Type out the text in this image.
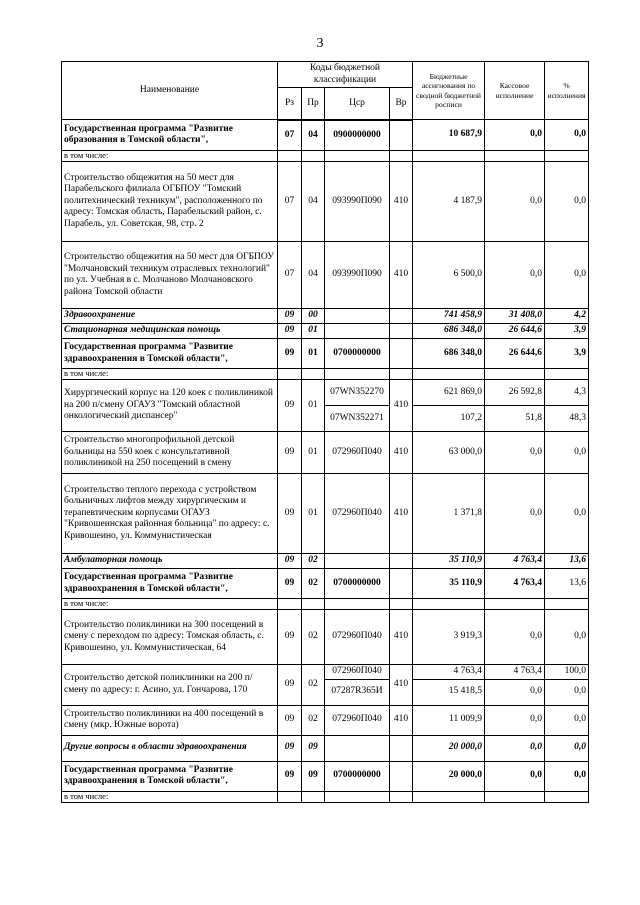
3
Наименование	Коды бюджетной классификации				Бюджетные ассигнования по сводной бюджетной росписи	Кассовое исполнение	% исполнения
	Рз	Пр	Цср	Вр			
Государственная программа "Развитие образования в Томской области",	07	04	0900000000		10 687,9	0,0	0,0
в том числе:							
Строительство общежития на 50 мест для Парабельского филиала ОГБПОУ "Томский политехнический техникум", расположенного по адресу: Томская область, Парабельский район, с. Парабель, ул. Советская, 98, стр. 2	07	04	093990П090	410	4 187,9	0,0	0,0
Строительство общежития на 50 мест для ОГБПОУ "Молчановский техникум отраслевых технологий" по ул. Учебная в с. Молчаново Молчановского района Томской области	07	04	093990П090	410	6 500,0	0,0	0,0
Здравоохранение	09	00			741 458,9	31 408,0	4,2
Стационарная медицинская помощь	09	01			686 348,0	26 644,6	3,9
Государственная программа "Развитие здравоохранения в Томской области",	09	01	0700000000		686 348,0	26 644,6	3,9
в том числе:							
Хирургический корпус на 120 коек с поликлиникой на 200 п/смену ОГАУЗ "Томский областной онкологический диспансер"	09	01	07WN352270	410	621 869,0	26 592,8	4,3
			07WN352271		107,2	51,8	48,3
Строительство многопрофильной детской больницы на 550 коек с консультативной поликлиникой на 250 посещений в смену	09	01	072960П040	410	63 000,0	0,0	0,0
Строительство теплого перехода с устройством больничных лифтов между хирургическим и терапевтическим корпусами ОГАУЗ "Кривошеинская районная больница" по адресу: с. Кривошеино, ул. Коммунистическая	09	01	072960П040	410	1 371,8	0,0	0,0
Амбулаторная помощь	09	02			35 110,9	4 763,4	13,6
Государственная программа "Развитие здравоохранения в Томской области",	09	02	0700000000		35 110,9	4 763,4	13,6
в том числе:							
Строительство поликлиники на 300 посещений в смену с переходом по адресу: Томская область, с. Кривошеино, ул. Коммунистическая, 64	09	02	072960П040	410	3 919,3	0,0	0,0
Строительство детской поликлиники на 200 п/смену по адресу: г. Асино, ул. Гончарова, 170	09	02	072960П040	410	4 763,4	4 763,4	100,0
			07287R365И		15 418,5	0,0	0,0
Строительство поликлиники на 400 посещений в смену (мкр. Южные ворота)	09	02	072960П040	410	11 009,9	0,0	0,0
Другие вопросы в области здравоохранения	09	09			20 000,0	0,0	0,0
Государственная программа "Развитие здравоохранения в Томской области",	09	09	0700000000		20 000,0	0,0	0,0
в том числе:							
